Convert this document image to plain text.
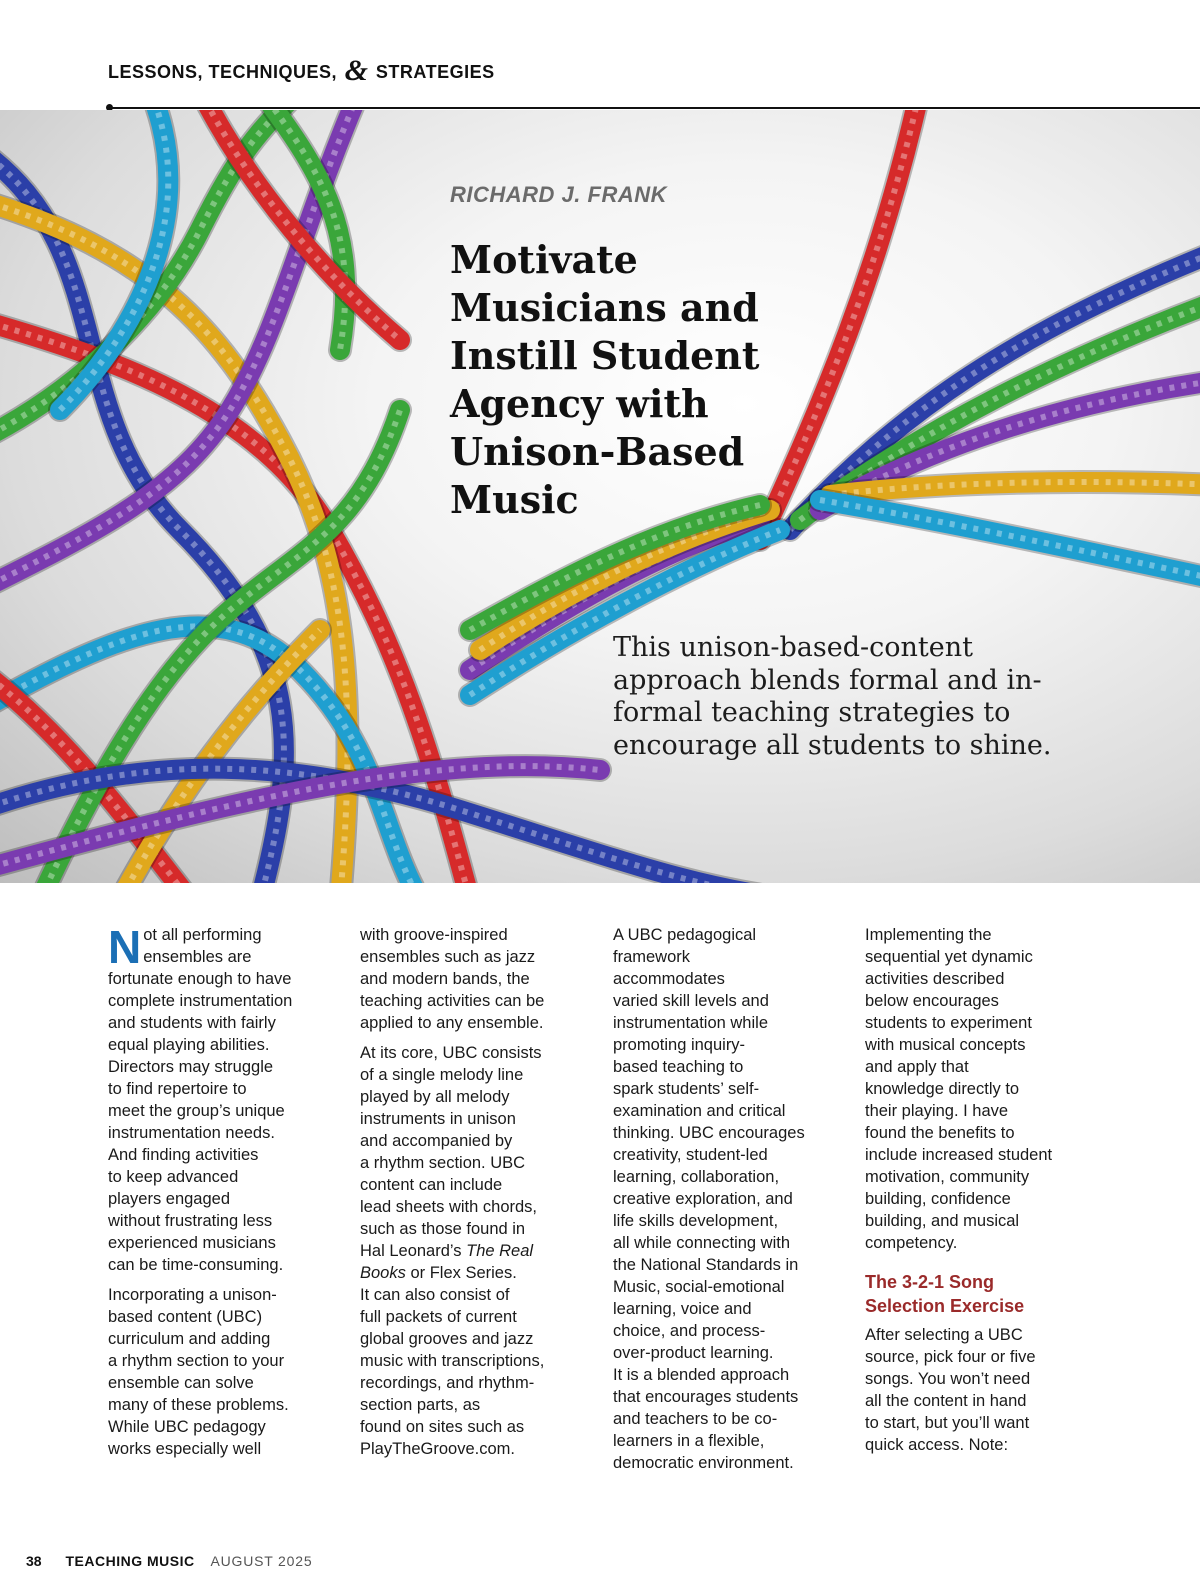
LESSONS, TECHNIQUES, & STRATEGIES
RICHARD J. FRANK
Motivate
Musicians and
Instill Student
Agency with
Unison-Based
Music

This unison-based-content
approach blends formal and in-
formal teaching strategies to
encourage all students to shine.

N ot all performing
ensembles are
fortunate enough to have
complete instrumentation
and students with fairly
equal playing abilities.
Directors may struggle
to find repertoire to
meet the group’s unique
instrumentation needs.
And finding activities
to keep advanced
players engaged
without frustrating less
experienced musicians
can be time-consuming.

Incorporating a unison-
based content (UBC)
curriculum and adding
a rhythm section to your
ensemble can solve
many of these problems.
While UBC pedagogy
works especially well

with groove-inspired
ensembles such as jazz
and modern bands, the
teaching activities can be
applied to any ensemble.

At its core, UBC consists
of a single melody line
played by all melody
instruments in unison
and accompanied by
a rhythm section. UBC
content can include
lead sheets with chords,
such as those found in
Hal Leonard’s The Real
Books or Flex Series.
It can also consist of
full packets of current
global grooves and jazz
music with transcriptions,
recordings, and rhythm-
section parts, as
found on sites such as
PlayTheGroove.com.

A UBC pedagogical
framework
accommodates
varied skill levels and
instrumentation while
promoting inquiry-
based teaching to
spark students’ self-
examination and critical
thinking. UBC encourages
creativity, student-led
learning, collaboration,
creative exploration, and
life skills development,
all while connecting with
the National Standards in
Music, social-emotional
learning, voice and
choice, and process-
over-product learning.
It is a blended approach
that encourages students
and teachers to be co-
learners in a flexible,
democratic environment.

Implementing the
sequential yet dynamic
activities described
below encourages
students to experiment
with musical concepts
and apply that
knowledge directly to
their playing. I have
found the benefits to
include increased student
motivation, community
building, confidence
building, and musical
competency.

The 3-2-1 Song
Selection Exercise

After selecting a UBC
source, pick four or five
songs. You won’t need
all the content in hand
to start, but you’ll want
quick access. Note:

38 TEACHING MUSIC AUGUST 2025
